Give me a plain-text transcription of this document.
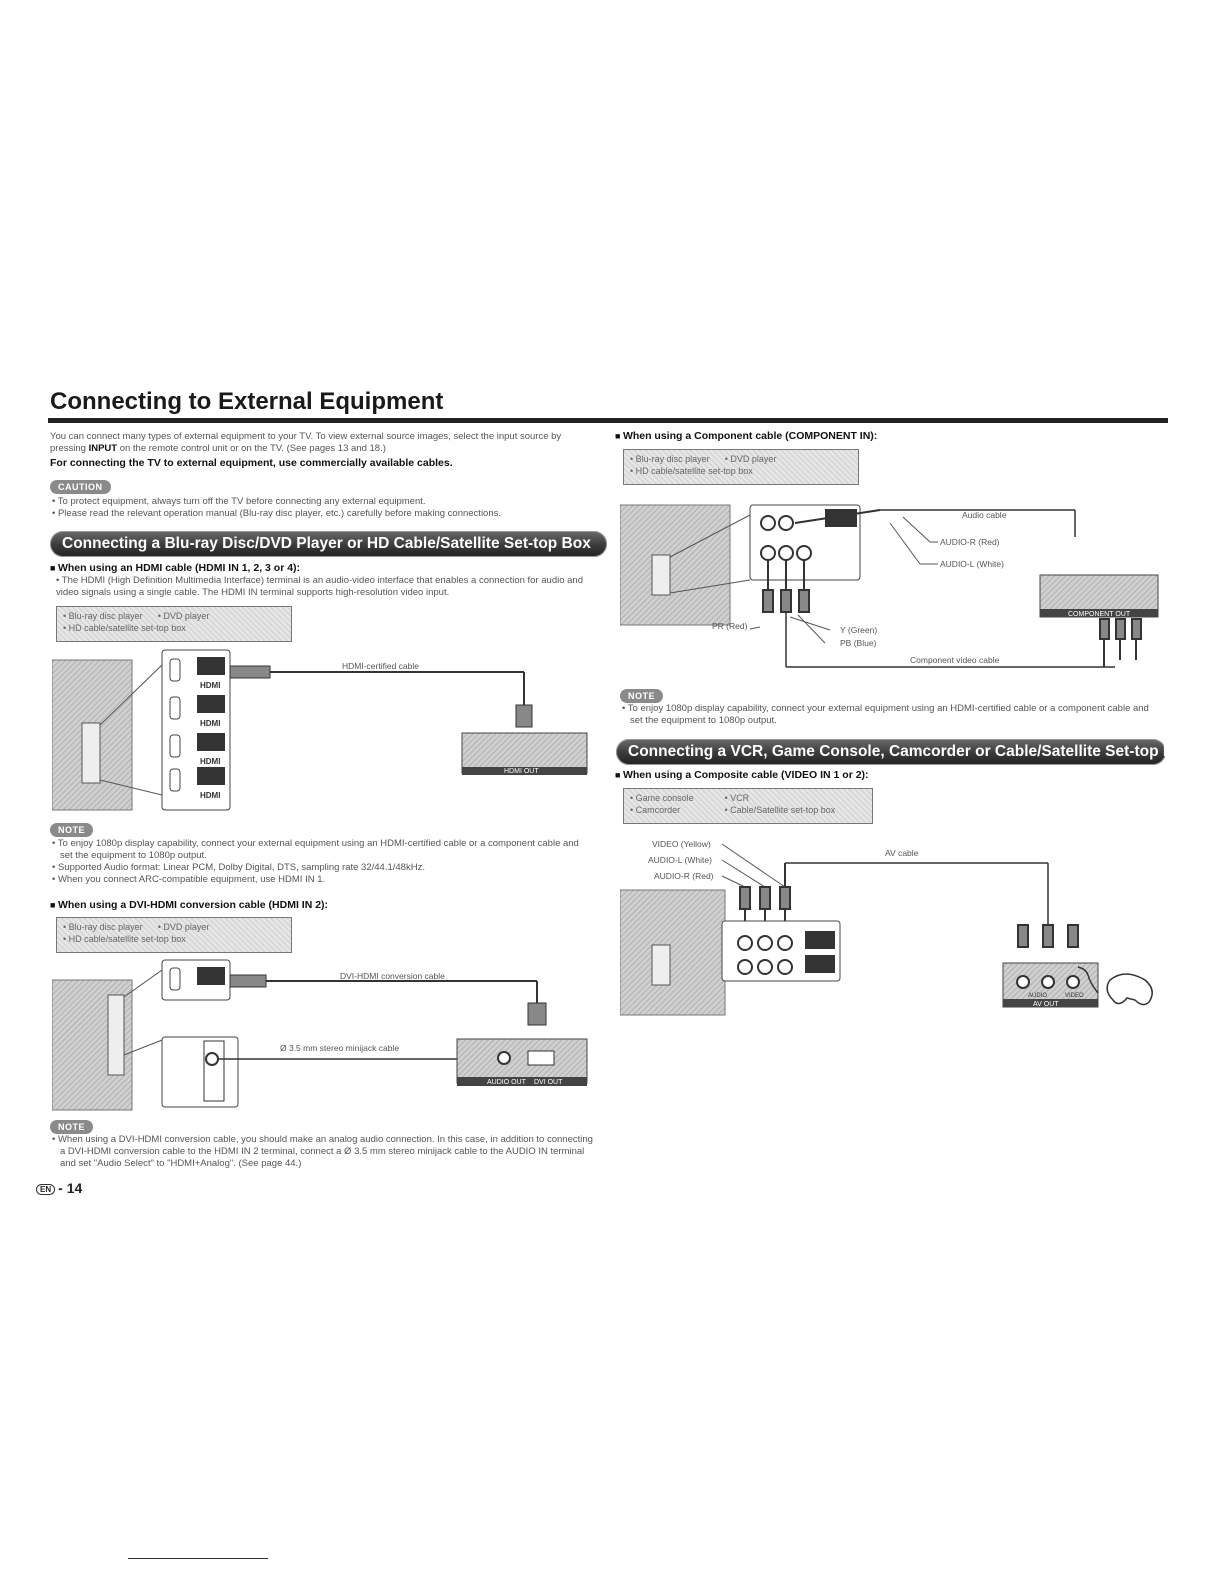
Connecting to External Equipment
You can connect many types of external equipment to your TV. To view external source images, select the input source by pressing INPUT on the remote control unit or on the TV. (See pages 13 and 18.)
For connecting the TV to external equipment, use commercially available cables.
CAUTION
• To protect equipment, always turn off the TV before connecting any external equipment.
• Please read the relevant operation manual (Blu-ray disc player, etc.) carefully before making connections.
Connecting a Blu-ray Disc/DVD Player or HD Cable/Satellite Set-top Box
■ When using an HDMI cable (HDMI IN 1, 2, 3 or 4):
• The HDMI (High Definition Multimedia Interface) terminal is an audio-video interface that enables a connection for audio and video signals using a single cable. The HDMI IN terminal supports high-resolution video input.
• Blu-ray disc player • DVD player
• HD cable/satellite set-top box
HDMI
HDMI
HDMI
HDMI
HDMI-certified cable
HDMI OUT
NOTE
• To enjoy 1080p display capability, connect your external equipment using an HDMI-certified cable or a component cable and set the equipment to 1080p output.
• Supported Audio format: Linear PCM, Dolby Digital, DTS, sampling rate 32/44.1/48kHz.
• When you connect ARC-compatible equipment, use HDMI IN 1.
■ When using a DVI-HDMI conversion cable (HDMI IN 2):
• Blu-ray disc player • DVD player
• HD cable/satellite set-top box
DVI-HDMI conversion cable
Ø 3.5 mm stereo minijack cable
AUDIO OUT DVI OUT
NOTE
• When using a DVI-HDMI conversion cable, you should make an analog audio connection. In this case, in addition to connecting a DVI-HDMI conversion cable to the HDMI IN 2 terminal, connect a Ø 3.5 mm stereo minijack cable to the AUDIO IN terminal and set "Audio Select" to "HDMI+Analog". (See page 44.)
EN - 14
■ When using a Component cable (COMPONENT IN):
• Blu-ray disc player • DVD player
• HD cable/satellite set-top box
Audio cable
AUDIO-R (Red)
AUDIO-L (White)
Component video cable
PR (Red)	Y (Green)
PB (Blue)
COMPONENT OUT
NOTE
• To enjoy 1080p display capability, connect your external equipment using an HDMI-certified cable or a component cable and set the equipment to 1080p output.
Connecting a VCR, Game Console, Camcorder or Cable/Satellite Set-top Box
■ When using a Composite cable (VIDEO IN 1 or 2):
• Game console	• VCR
• Camcorder	• Cable/Satellite set-top box
VIDEO (Yellow)
AUDIO-L (White)
AUDIO-R (Red)
AV cable
AUDIO	VIDEO
AV OUT
